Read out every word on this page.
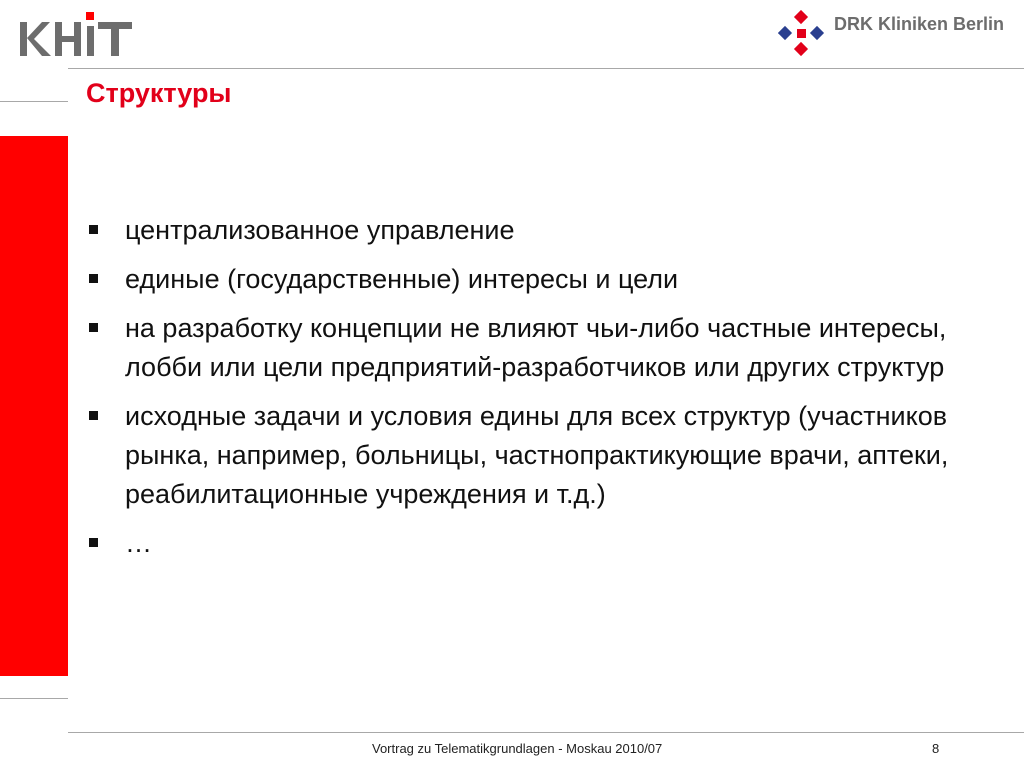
DRK Kliniken Berlin
Структуры
централизованное управление
единые (государственные) интересы и цели
на разработку концепции не влияют чьи-либо частные интересы, лобби или цели предприятий-разработчиков или других структур
исходные задачи и условия едины для всех структур (участников рынка, например, больницы, частнопрактикующие врачи, аптеки, реабилитационные учреждения и т.д.)
…
Vortrag zu Telematikgrundlagen - Moskau 2010/07	8
